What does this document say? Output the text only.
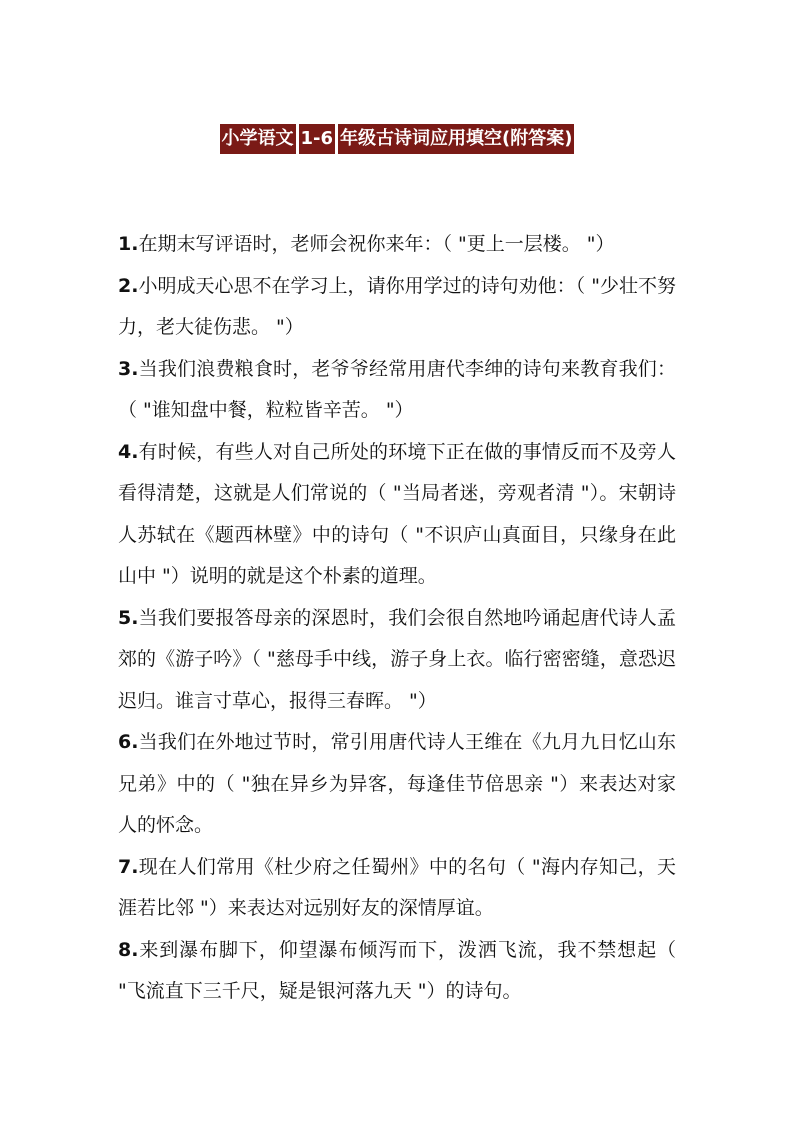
小学语文 1-6 年级古诗词应用填空(附答案)

1.在期末写评语时，老师会祝你来年：（ "更上一层楼。 "）

2.小明成天心思不在学习上，请你用学过的诗句劝他：（ "少壮不努力，老大徒伤悲。 "）

3.当我们浪费粮食时，老爷爷经常用唐代李绅的诗句来教育我们：（ "谁知盘中餐，粒粒皆辛苦。 "）

4.有时候，有些人对自己所处的环境下正在做的事情反而不及旁人看得清楚，这就是人们常说的（ "当局者迷，旁观者清 "）。宋朝诗人苏轼在《题西林壁》中的诗句（ "不识庐山真面目，只缘身在此山中 "）说明的就是这个朴素的道理。

5.当我们要报答母亲的深恩时，我们会很自然地吟诵起唐代诗人孟郊的《游子吟》（ "慈母手中线，游子身上衣。临行密密缝，意恐迟迟归。谁言寸草心，报得三春晖。 "）

6.当我们在外地过节时，常引用唐代诗人王维在《九月九日忆山东兄弟》中的（ "独在异乡为异客，每逢佳节倍思亲 "）来表达对家人的怀念。

7.现在人们常用《杜少府之任蜀州》中的名句（ "海内存知己，天涯若比邻 "）来表达对远别好友的深情厚谊。

8.来到瀑布脚下，仰望瀑布倾泻而下，泼洒飞流，我不禁想起（ "飞流直下三千尺，疑是银河落九天 "）的诗句。
